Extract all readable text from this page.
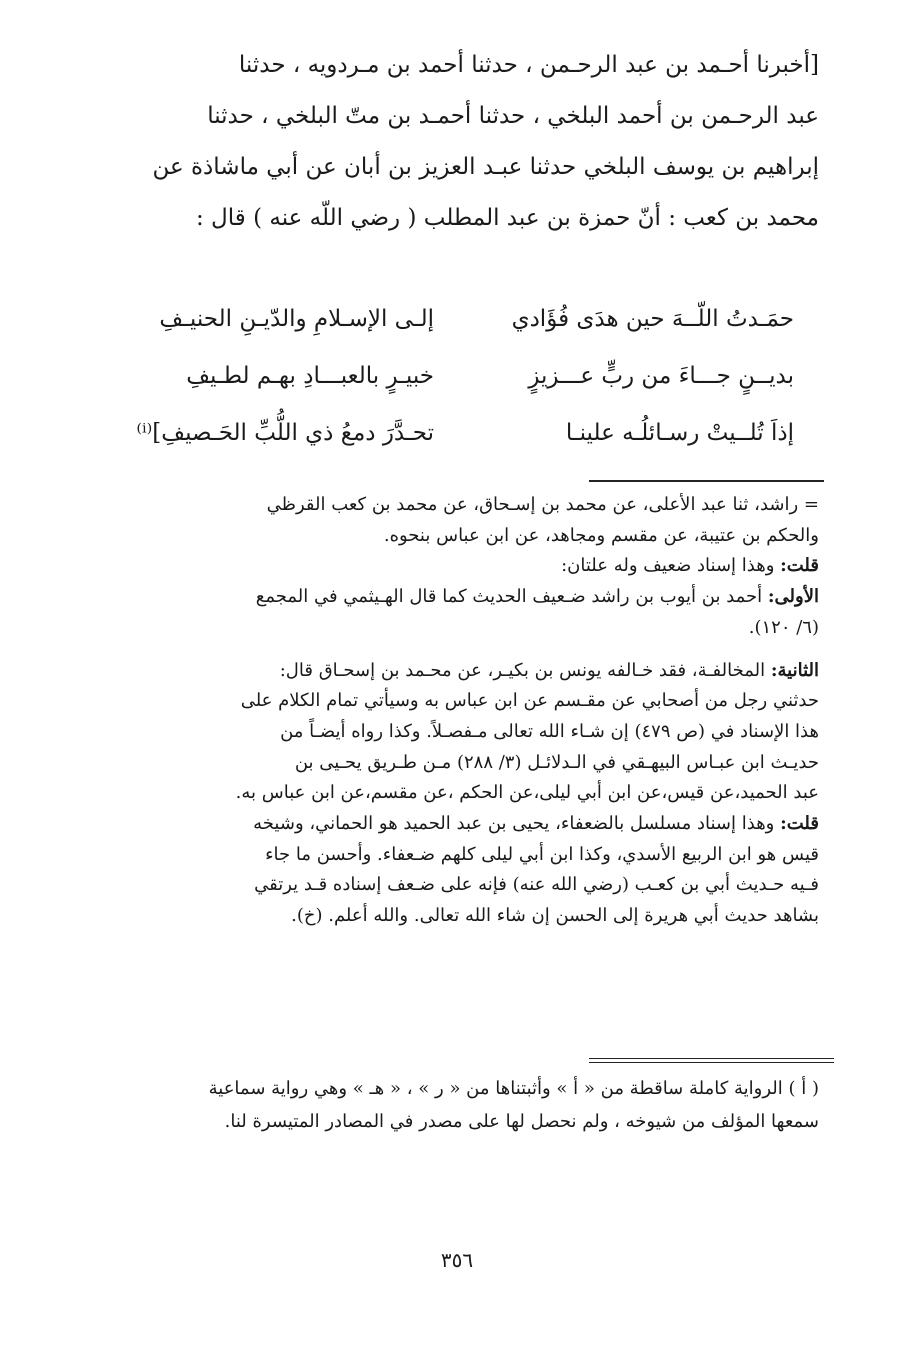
[أخبرنا أحـمد بن عبد الرحـمن ، حدثنا أحمد بن مـردويه ، حدثنا

عبد الرحـمن بن أحمد البلخي ، حدثنا أحمـد بن متّ البلخي ، حدثنا

إبراهيم بن يوسف البلخي حدثنا عبـد العزيز بن أبان عن أبي ماشاذة عن

محمد بن كعب : أنّ حمزة بن عبد المطلب ( رضي اللّه عنه ) قال :

حمَـدتُ اللّــهَ حين هدَى فُؤَادي
إلـى الإسـلامِ والدّيـنِ الحنيـفِ
بديــنٍ جـــاءَ من ربٍّ عـــزيزٍ
خبيـرٍ بالعبـــادِ بهـم لطـيفِ
إذاَ تُلــيتْ رسـائلُـه علينـا
تحـدَّرَ دمعُ ذي اللُّبِّ الحَـصيفِ]⁽ⁱ⁾

= راشد، ثنا عبد الأعلى، عن محمد بن إسـحاق، عن محمد بن كعب القرظي

والحكم بن عتيبة، عن مقسم ومجاهد، عن ابن عباس بنحوه.

قلت: وهذا إسناد ضعيف وله علتان:

الأولى: أحمد بن أيوب بن راشد ضـعيف الحديث كما قال الهـيثمي في المجمع

(٦/ ١٢٠).

الثانية: المخالفـة، فقد خـالفه يونس بن بكيـر، عن محـمد بن إسحـاق قال:

حدثني رجل من أصحابي عن مقـسم عن ابن عباس به وسيأتي تمام الكلام على

هذا الإسناد في (ص ٤٧٩) إن شـاء الله تعالى مـفصـلاً. وكذا رواه أيضـاً من

حديـث ابن عبـاس البيهـقي في الـدلائـل (٣/ ٢٨٨) مـن طـريق يحـيى بن

عبد الحميد،عن قيس،عن ابن أبي ليلى،عن الحكم ،عن مقسم،عن ابن عباس به.

قلت: وهذا إسناد مسلسل بالضعفاء، يحيى بن عبد الحميد هو الحماني، وشيخه

قيس هو ابن الربيع الأسدي، وكذا ابن أبي ليلى كلهم ضـعفاء. وأحسن ما جاء

فـيه حـديث أبي بن كعـب (رضي الله عنه) فإنه على ضـعف إسناده قـد يرتقي

بشاهد حديث أبي هريرة إلى الحسن إن شاء الله تعالى. والله أعلم. (خ).

( أ ) الرواية كاملة ساقطة من « أ » وأثبتناها من « ر » ، « هـ » وهي رواية سماعية

سمعها المؤلف من شيوخه ، ولم نحصل لها على مصدر في المصادر المتيسرة لنا.

٣٥٦
